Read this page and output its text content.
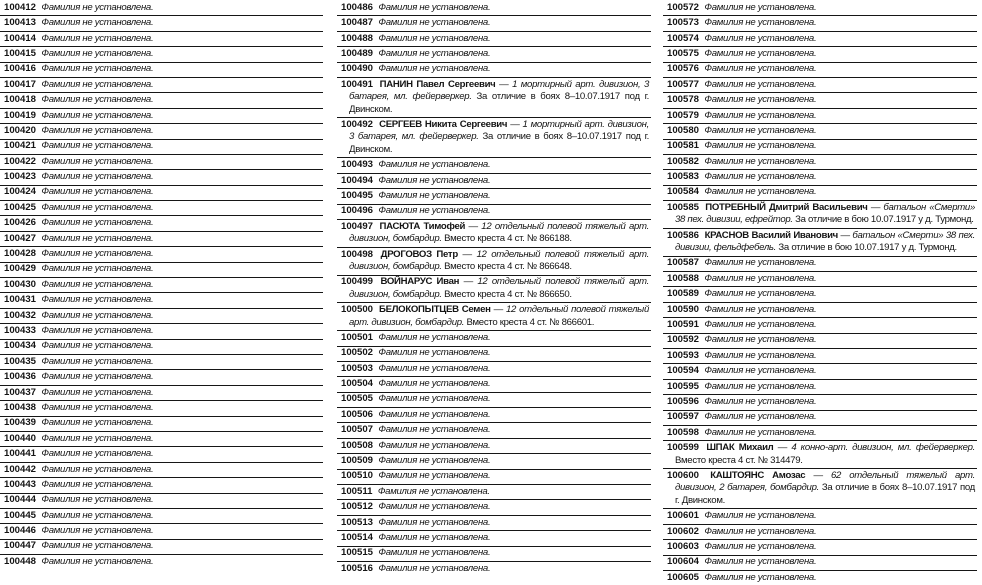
100412 Фамилия не установлена.

100413 Фамилия не установлена.

100414 Фамилия не установлена.

100415 Фамилия не установлена.

100416 Фамилия не установлена.

100417 Фамилия не установлена.

100418 Фамилия не установлена.

100419 Фамилия не установлена.

100420 Фамилия не установлена.

100421 Фамилия не установлена.

100422 Фамилия не установлена.

100423 Фамилия не установлена.

100424 Фамилия не установлена.

100425 Фамилия не установлена.

100426 Фамилия не установлена.

100427 Фамилия не установлена.

100428 Фамилия не установлена.

100429 Фамилия не установлена.

100430 Фамилия не установлена.

100431 Фамилия не установлена.

100432 Фамилия не установлена.

100433 Фамилия не установлена.

100434 Фамилия не установлена.

100435 Фамилия не установлена.

100436 Фамилия не установлена.

100437 Фамилия не установлена.

100438 Фамилия не установлена.

100439 Фамилия не установлена.

100440 Фамилия не установлена.

100441 Фамилия не установлена.

100442 Фамилия не установлена.

100443 Фамилия не установлена.

100444 Фамилия не установлена.

100445 Фамилия не установлена.

100446 Фамилия не установлена.

100447 Фамилия не установлена.

100448 Фамилия не установлена.

100486 Фамилия не установлена.

100487 Фамилия не установлена.

100488 Фамилия не установлена.

100489 Фамилия не установлена.

100490 Фамилия не установлена.

100491 ПАНИН Павел Сергеевич — 1 мортирный арт. дивизион, 3 батарея, мл. фейерверкер. За отличие в боях 8–10.07.1917 под г. Двинском.

100492 СЕРГЕЕВ Никита Сергеевич — 1 мортирный арт. дивизион, 3 батарея, мл. фейерверкер. За отличие в боях 8–10.07.1917 под г. Двинском.

100493 Фамилия не установлена.

100494 Фамилия не установлена.

100495 Фамилия не установлена.

100496 Фамилия не установлена.

100497 ПАСЮТА Тимофей — 12 отдельный полевой тяжелый арт. дивизион, бомбардир. Вместо креста 4 ст. № 866188.

100498 ДРОГОВОЗ Петр — 12 отдельный полевой тяжелый арт. дивизион, бомбардир. Вместо креста 4 ст. № 866648.

100499 ВОЙНАРУС Иван — 12 отдельный полевой тяжелый арт. дивизион, бомбардир. Вместо креста 4 ст. № 866650.

100500 БЕЛОКОПЫТЦЕВ Семен — 12 отдельный полевой тяжелый арт. дивизион, бомбардир. Вместо креста 4 ст. № 866601.

100501 Фамилия не установлена.

100502 Фамилия не установлена.

100503 Фамилия не установлена.

100504 Фамилия не установлена.

100505 Фамилия не установлена.

100506 Фамилия не установлена.

100507 Фамилия не установлена.

100508 Фамилия не установлена.

100509 Фамилия не установлена.

100510 Фамилия не установлена.

100511 Фамилия не установлена.

100512 Фамилия не установлена.

100513 Фамилия не установлена.

100514 Фамилия не установлена.

100515 Фамилия не установлена.

100516 Фамилия не установлена.

100572 Фамилия не установлена.

100573 Фамилия не установлена.

100574 Фамилия не установлена.

100575 Фамилия не установлена.

100576 Фамилия не установлена.

100577 Фамилия не установлена.

100578 Фамилия не установлена.

100579 Фамилия не установлена.

100580 Фамилия не установлена.

100581 Фамилия не установлена.

100582 Фамилия не установлена.

100583 Фамилия не установлена.

100584 Фамилия не установлена.

100585 ПОТРЕБНЫЙ Дмитрий Васильевич — батальон «Смерти» 38 пех. дивизии, ефрейтор. За отличие в бою 10.07.1917 у д. Турмонд.

100586 КРАСНОВ Василий Иванович — батальон «Смерти» 38 пех. дивизии, фельдфебель. За отличие в бою 10.07.1917 у д. Турмонд.

100587 Фамилия не установлена.

100588 Фамилия не установлена.

100589 Фамилия не установлена.

100590 Фамилия не установлена.

100591 Фамилия не установлена.

100592 Фамилия не установлена.

100593 Фамилия не установлена.

100594 Фамилия не установлена.

100595 Фамилия не установлена.

100596 Фамилия не установлена.

100597 Фамилия не установлена.

100598 Фамилия не установлена.

100599 ШПАК Михаил — 4 конно-арт. дивизион, мл. фейерверкер. Вместо креста 4 ст. № 314479.

100600 КАШТОЯНС Амозас — 62 отдельный тяжелый арт. дивизион, 2 батарея, бомбардир. За отличие в боях 8–10.07.1917 под г. Двинском.

100601 Фамилия не установлена.

100602 Фамилия не установлена.

100603 Фамилия не установлена.

100604 Фамилия не установлена.

100605 Фамилия не установлена.
